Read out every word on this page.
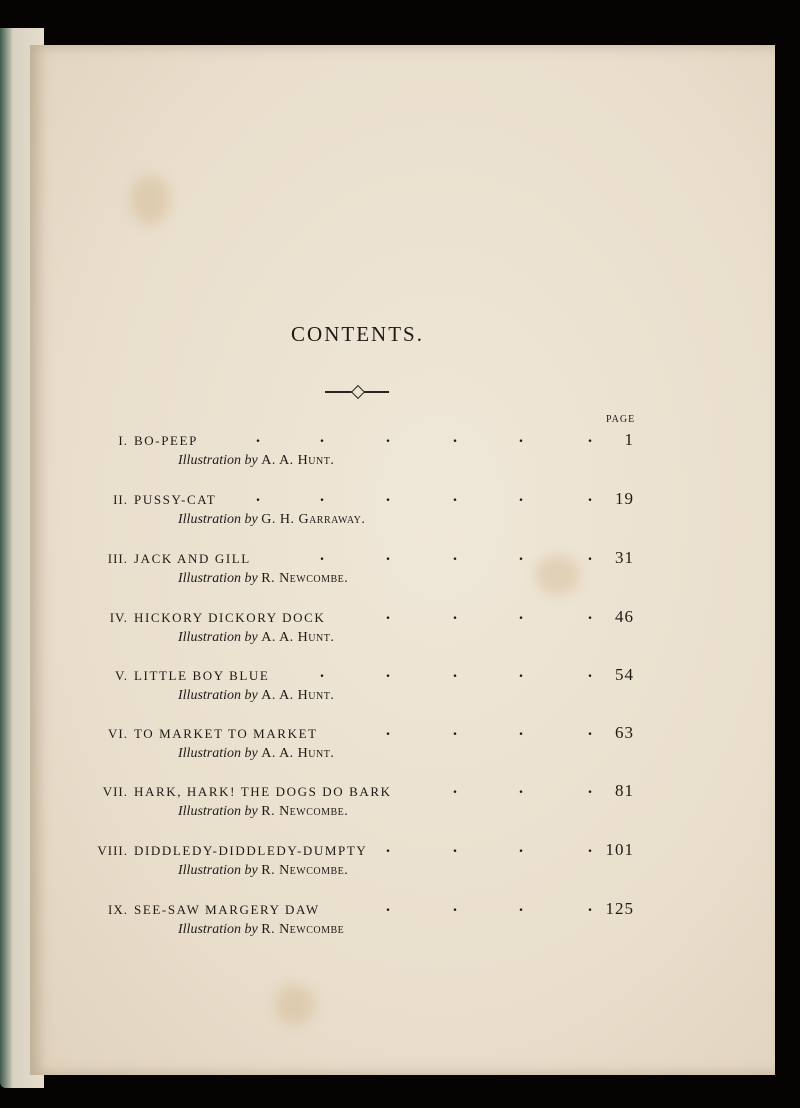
CONTENTS.
PAGE
I. BO-PEEP	1
Illustration by A. A. Hunt.
.	.	.	.	.	.
II. PUSSY-CAT	19
Illustration by G. H. Garraway.
.	.	.	.	.	.
III. JACK AND GILL	31
Illustration by R. Newcombe.
.	.	.	.	.
IV. HICKORY DICKORY DOCK	46
Illustration by A. A. Hunt.
.	.	.	.
V. LITTLE BOY BLUE	54
Illustration by A. A. Hunt.
.	.	.	.	.
VI. TO MARKET TO MARKET	63
Illustration by A. A. Hunt.
.	.	.	.
VII. HARK, HARK! THE DOGS DO BARK	81
Illustration by R. Newcombe.
.	.	.
VIII. DIDDLEDY-DIDDLEDY-DUMPTY	101
Illustration by R. Newcombe.
.	.	.	.
IX. SEE-SAW MARGERY DAW	125
Illustration by R. Newcombe
.	.	.	.
